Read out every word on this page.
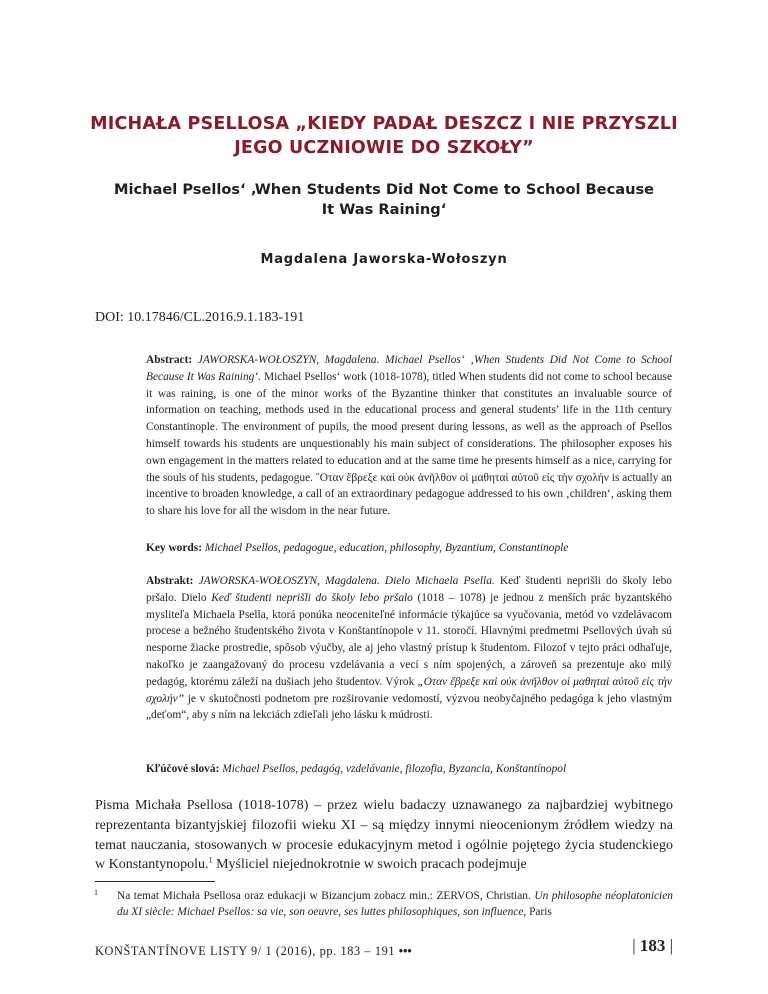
MICHAŁA PSELLOSA „KIEDY PADAŁ DESZCZ I NIE PRZYSZLI
JEGO UCZNIOWIE DO SZKOŁY”
Michael Psellos‘ ‚When Students Did Not Come to School Because
It Was Raining‘

Magdalena Jaworska-Wołoszyn

DOI: 10.17846/CL.2016.9.1.183-191

Abstract: JAWORSKA-WOŁOSZYN, Magdalena. Michael Psellos‘ ‚When Students Did Not Come to School Because It Was Raining‘. Michael Psellos‘ work (1018-1078), titled When students did not come to school because it was raining, is one of the minor works of the Byzantine thinker that constitutes an invaluable source of information on teaching, methods used in the educational process and general students’ life in the 11th century Constantinople. The environment of pupils, the mood present during lessons, as well as the approach of Psellos himself towards his students are unquestionably his main subject of considerations. The philosopher exposes his own engagement in the matters related to education and at the same time he presents himself as a nice, carrying for the souls of his students, pedagogue. ῞Οταν ἔβρεξε καὶ οὐκ ἀνῆλθον οἱ μαθηταὶ αὐτοῦ εἰς τὴν σχολήν is actually an incentive to broaden knowledge, a call of an extraordinary pedagogue addressed to his own ‚children‘, asking them to share his love for all the wisdom in the near future.

Key words: Michael Psellos, pedagogue, education, philosophy, Byzantium, Constantinople

Abstrakt: JAWORSKA-WOŁOSZYN, Magdalena. Dielo Michaela Psella. Keď študenti neprišli do školy lebo pršalo. Dielo Keď študenti neprišli do školy lebo pršalo (1018 – 1078) je jednou z menších prác byzantského mysliteľa Michaela Psella, ktorá ponúka neoceniteľné informácie týkajúce sa vyučovania, metód vo vzdelávacom procese a bežného študentského života v Konštantínopole v 11. storočí. Hlavnými predmetmi Psellových úvah sú nesporne žiacke prostredie, spôsob výučby, ale aj jeho vlastný prístup k študentom. Filozof v tejto práci odhaľuje, nakoľko je zaangažovaný do procesu vzdelávania a vecí s ním spojených, a zároveň sa prezentuje ako milý pedagóg, ktorému záleží na dušiach jeho študentov. Výrok „Οταν ἔβρεξε καὶ οὐκ ἀνῆλθον οἱ μαθηταὶ αὐτοῦ εἰς τὴν σχολήν” je v skutočnosti podnetom pre rozširovanie vedomostí, výzvou neobyčajného pedagóga k jeho vlastným „deťom“, aby s ním na lekciách zdieľali jeho lásku k múdrosti.

Kľúčové slová: Michael Psellos, pedagóg, vzdelávanie, filozofia, Byzancia, Konštantínopol

Pisma Michała Psellosa (1018-1078) – przez wielu badaczy uznawanego za najbardziej wybitnego reprezentanta bizantyjskiej filozofii wieku XI – są między innymi nieocenionym źródłem wiedzy na temat nauczania, stosowanych w procesie edukacyjnym metod i ogólnie pojętego życia studenckiego w Konstantynopolu.$^1$ Myśliciel niejednokrotnie w swoich pracach podejmuje

1	Na temat Michała Psellosa oraz edukacji w Bizancjum zobacz min.: ZERVOS, Christian. Un philosophe néoplatonicien du XI siècle: Michael Psellos: sa vie, son oeuvre, ses luttes philosophiques, son influence, Paris

KONŠTANTÍNOVE LISTY 9/ 1 (2016), pp. 183 – 191 •••	| 183 |
